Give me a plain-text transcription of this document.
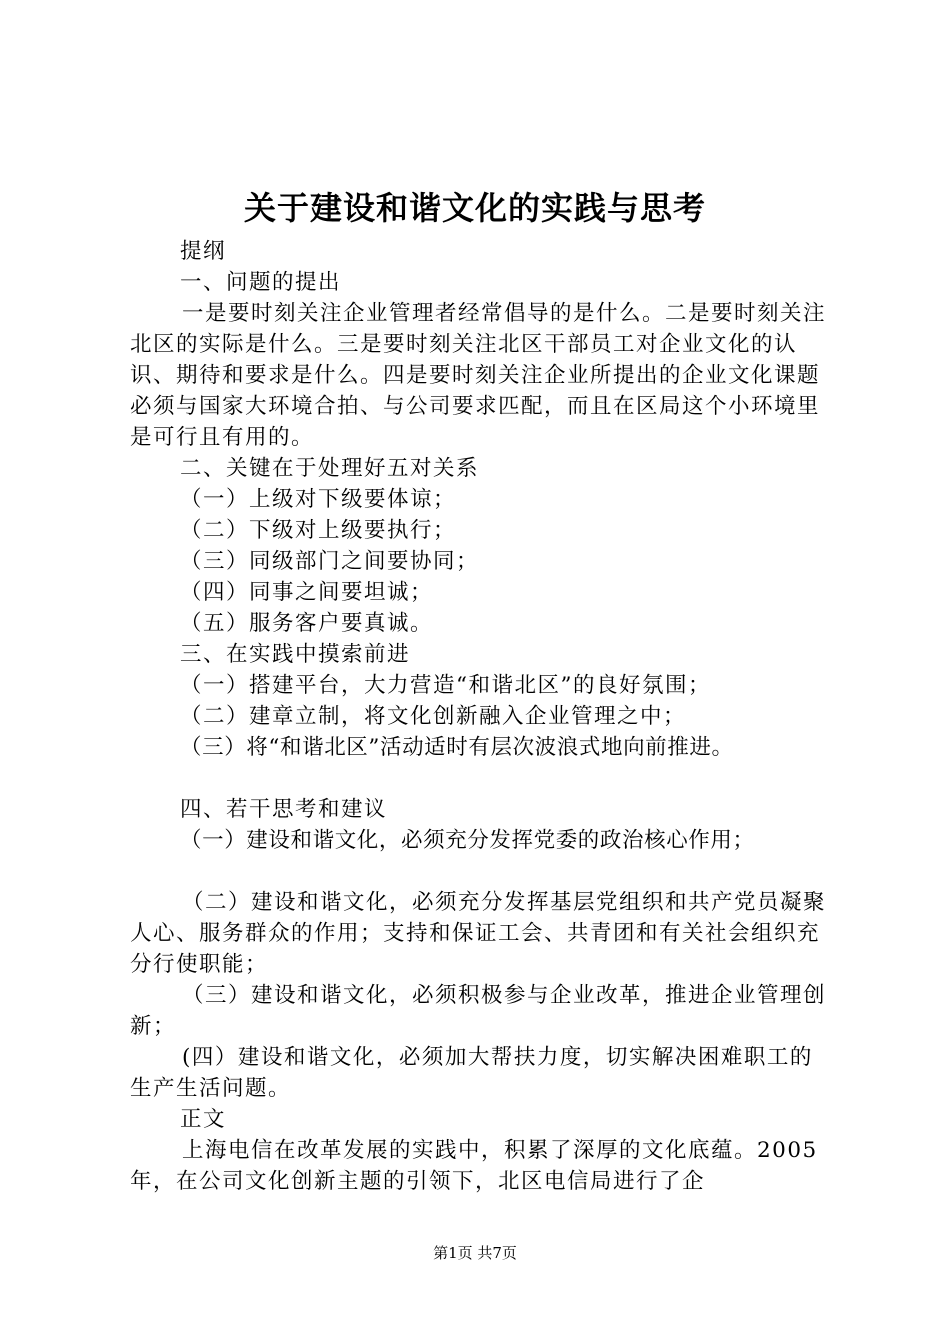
关于建设和谐文化的实践与思考

提纲

一、问题的提出

一是要时刻关注企业管理者经常倡导的是什么。二是要时刻关注北区的实际是什么。三是要时刻关注北区干部员工对企业文化的认识、期待和要求是什么。四是要时刻关注企业所提出的企业文化课题必须与国家大环境合拍、与公司要求匹配，而且在区局这个小环境里是可行且有用的。

二、关键在于处理好五对关系

（一）上级对下级要体谅；

（二）下级对上级要执行；

（三）同级部门之间要协同；

（四）同事之间要坦诚；

（五）服务客户要真诚。

三、在实践中摸索前进

（一）搭建平台，大力营造“和谐北区”的良好氛围；

（二）建章立制，将文化创新融入企业管理之中；

（三）将“和谐北区”活动适时有层次波浪式地向前推进。

四、若干思考和建议

（一）建设和谐文化，必须充分发挥党委的政治核心作用；

（二）建设和谐文化，必须充分发挥基层党组织和共产党员凝聚人心、服务群众的作用；支持和保证工会、共青团和有关社会组织充分行使职能；

（三）建设和谐文化，必须积极参与企业改革，推进企业管理创新；

(四）建设和谐文化，必须加大帮扶力度，切实解决困难职工的生产生活问题。

正文

上海电信在改革发展的实践中，积累了深厚的文化底蕴。2005年，在公司文化创新主题的引领下，北区电信局进行了企

第1页 共7页
